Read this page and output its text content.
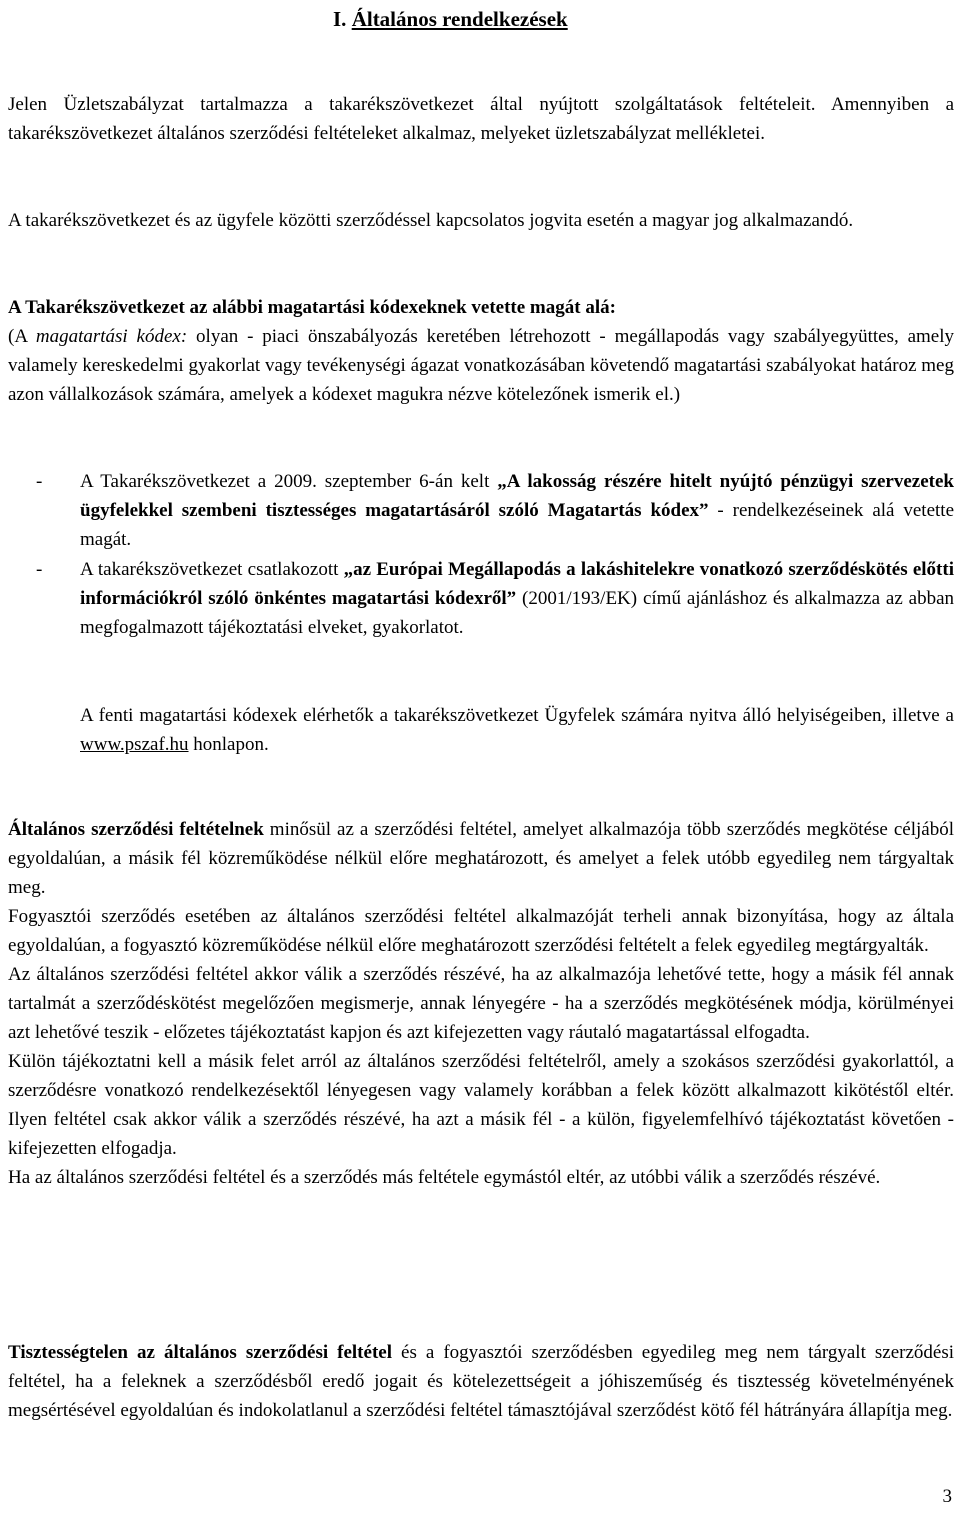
I. Általános rendelkezések

Jelen Üzletszabályzat tartalmazza a takarékszövetkezet által nyújtott szolgáltatások feltételeit. Amennyiben a takarékszövetkezet általános szerződési feltételeket alkalmaz, melyeket üzletszabályzat mellékletei.

A takarékszövetkezet és az ügyfele közötti szerződéssel kapcsolatos jogvita esetén a magyar jog alkalmazandó.

A Takarékszövetkezet az alábbi magatartási kódexeknek vetette magát alá:

(A magatartási kódex: olyan - piaci önszabályozás keretében létrehozott - megállapodás vagy szabályegyüttes, amely valamely kereskedelmi gyakorlat vagy tevékenységi ágazat vonatkozásában követendő magatartási szabályokat határoz meg azon vállalkozások számára, amelyek a kódexet magukra nézve kötelezőnek ismerik el.)

- A Takarékszövetkezet a 2009. szeptember 6-án kelt „A lakosság részére hitelt nyújtó pénzügyi szervezetek ügyfelekkel szembeni tisztességes magatartásáról szóló Magatartás kódex” - rendelkezéseinek alá vetette magát.

- A takarékszövetkezet csatlakozott „az Európai Megállapodás a lakáshitelekre vonatkozó szerződéskötés előtti információkról szóló önkéntes magatartási kódexről” (2001/193/EK) című ajánláshoz és alkalmazza az abban megfogalmazott tájékoztatási elveket, gyakorlatot.

A fenti magatartási kódexek elérhetők a takarékszövetkezet Ügyfelek számára nyitva álló helyiségeiben, illetve a www.pszaf.hu honlapon.

Általános szerződési feltételnek minősül az a szerződési feltétel, amelyet alkalmazója több szerződés megkötése céljából egyoldalúan, a másik fél közreműködése nélkül előre meghatározott, és amelyet a felek utóbb egyedileg nem tárgyaltak meg.

Fogyasztói szerződés esetében az általános szerződési feltétel alkalmazóját terheli annak bizonyítása, hogy az általa egyoldalúan, a fogyasztó közreműködése nélkül előre meghatározott szerződési feltételt a felek egyedileg megtárgyalták.

Az általános szerződési feltétel akkor válik a szerződés részévé, ha az alkalmazója lehetővé tette, hogy a másik fél annak tartalmát a szerződéskötést megelőzően megismerje, annak lényegére - ha a szerződés megkötésének módja, körülményei azt lehetővé teszik - előzetes tájékoztatást kapjon és azt kifejezetten vagy ráutaló magatartással elfogadta.

Külön tájékoztatni kell a másik felet arról az általános szerződési feltételről, amely a szokásos szerződési gyakorlattól, a szerződésre vonatkozó rendelkezésektől lényegesen vagy valamely korábban a felek között alkalmazott kikötéstől eltér. Ilyen feltétel csak akkor válik a szerződés részévé, ha azt a másik fél - a külön, figyelemfelhívó tájékoztatást követően - kifejezetten elfogadja.

Ha az általános szerződési feltétel és a szerződés más feltétele egymástól eltér, az utóbbi válik a szerződés részévé.

Tisztességtelen az általános szerződési feltétel és a fogyasztói szerződésben egyedileg meg nem tárgyalt szerződési feltétel, ha a feleknek a szerződésből eredő jogait és kötelezettségeit a jóhiszeműség és tisztesség követelményének megsértésével egyoldalúan és indokolatlanul a szerződési feltétel támasztójával szerződést kötő fél hátrányára állapítja meg.

3
